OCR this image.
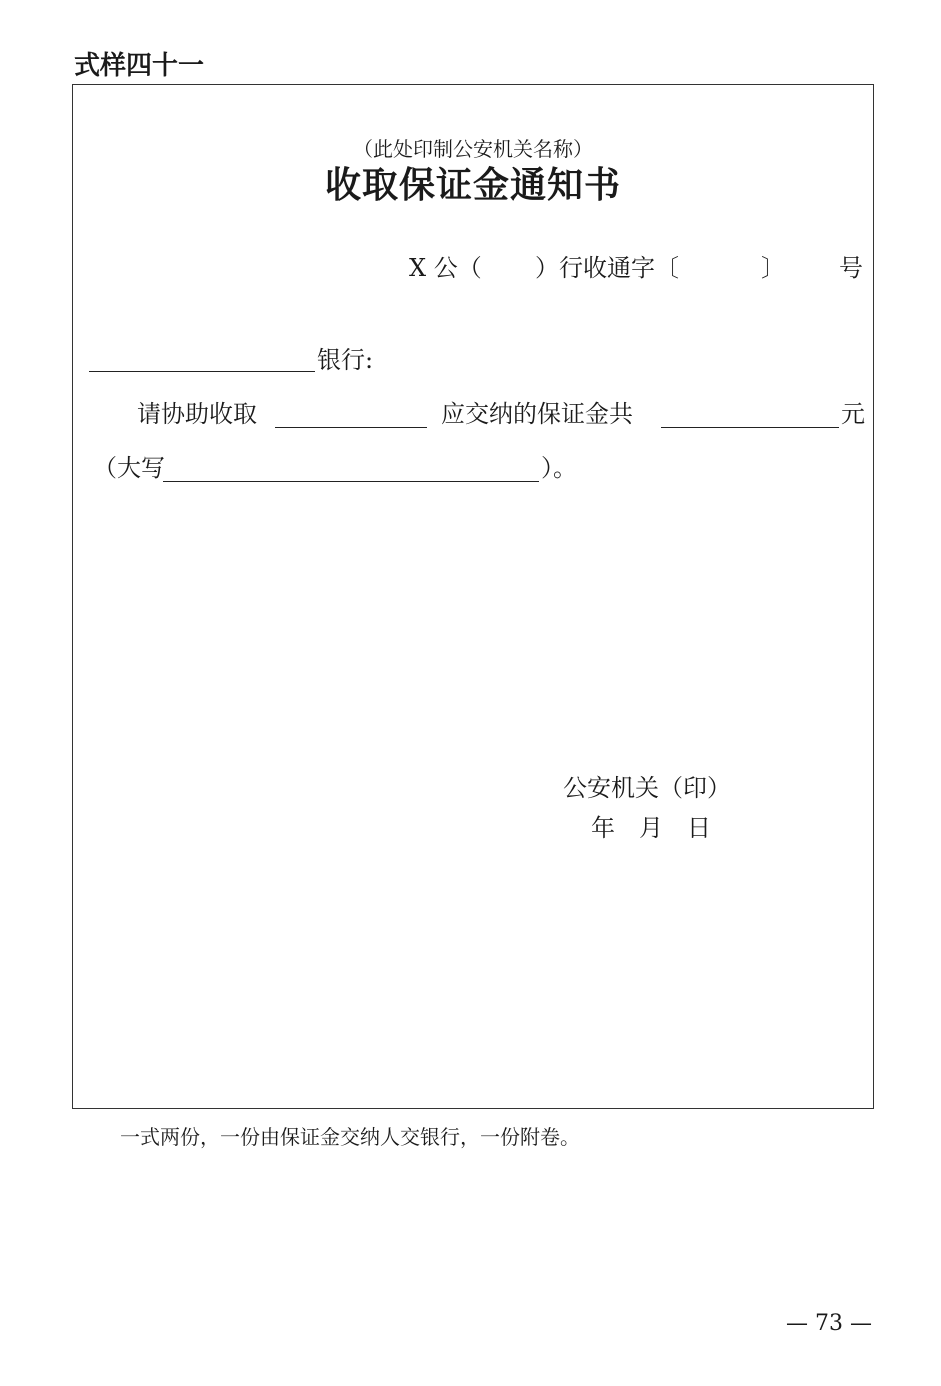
式样四十一
（此处印制公安机关名称）
收取保证金通知书
X 公（ ）行收通字〔	〕 号
银行:
请协助收取	应交纳的保证金共	元
（大写	）。
公安机关（印）
年　月　日
一式两份，一份由保证金交纳人交银行，一份附卷。
— 73 —
